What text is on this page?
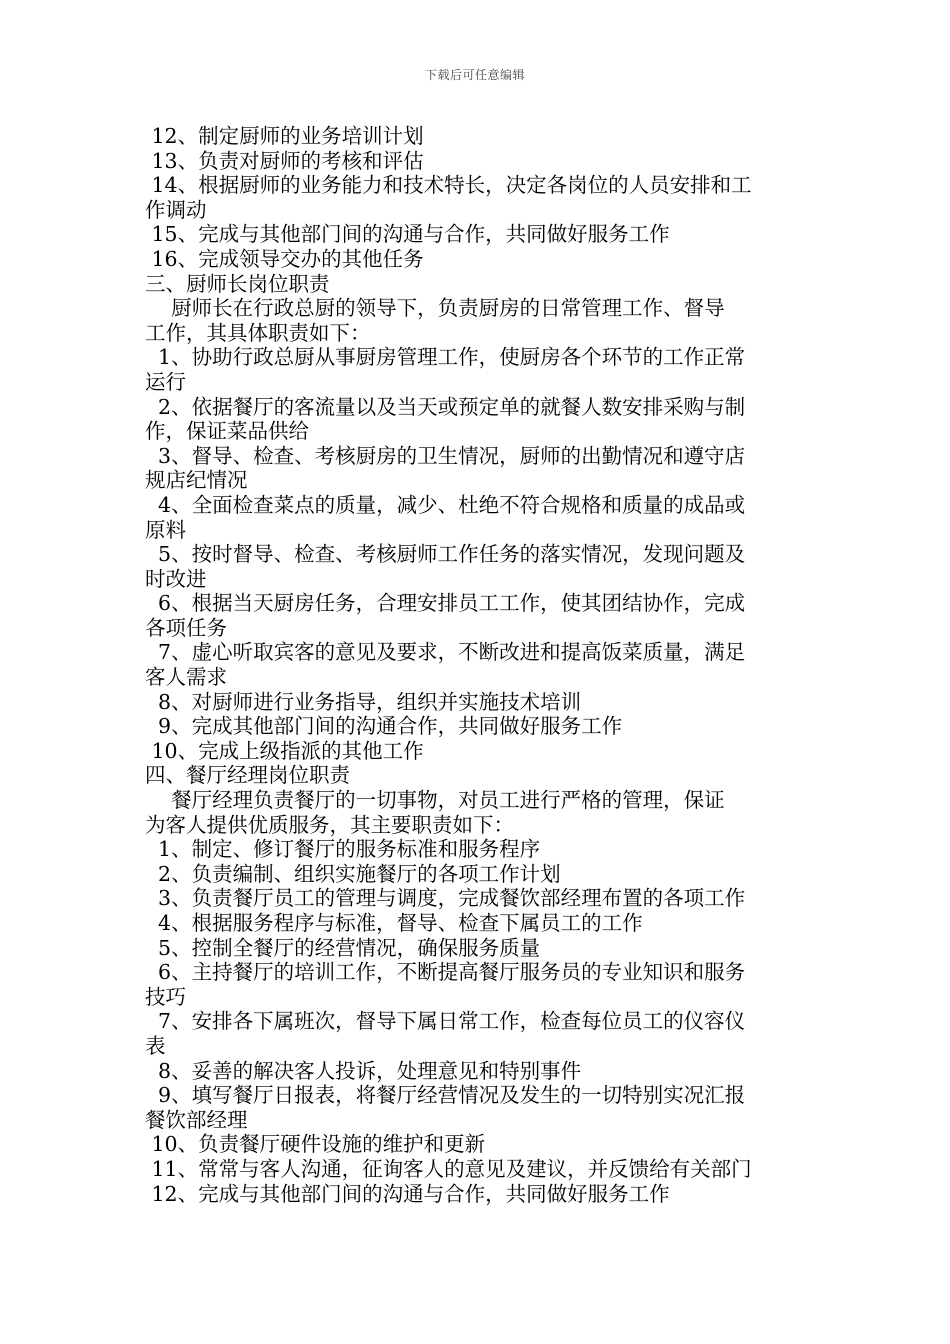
下载后可任意编辑
12、制定厨师的业务培训计划
13、负责对厨师的考核和评估
14、根据厨师的业务能力和技术特长，决定各岗位的人员安排和工
作调动
15、完成与其他部门间的沟通与合作，共同做好服务工作
16、完成领导交办的其他任务
三、厨师长岗位职责
厨师长在行政总厨的领导下，负责厨房的日常管理工作、督导
工作，其具体职责如下：
1、协助行政总厨从事厨房管理工作，使厨房各个环节的工作正常
运行
2、依据餐厅的客流量以及当天或预定单的就餐人数安排采购与制
作，保证菜品供给
3、督导、检查、考核厨房的卫生情况，厨师的出勤情况和遵守店
规店纪情况
4、全面检查菜点的质量，减少、杜绝不符合规格和质量的成品或
原料
5、按时督导、检查、考核厨师工作任务的落实情况，发现问题及
时改进
6、根据当天厨房任务，合理安排员工工作，使其团结协作，完成
各项任务
7、虚心听取宾客的意见及要求，不断改进和提高饭菜质量，满足
客人需求
8、对厨师进行业务指导，组织并实施技术培训
9、完成其他部门间的沟通合作，共同做好服务工作
10、完成上级指派的其他工作
四、餐厅经理岗位职责
餐厅经理负责餐厅的一切事物，对员工进行严格的管理，保证
为客人提供优质服务，其主要职责如下：
1、制定、修订餐厅的服务标准和服务程序
2、负责编制、组织实施餐厅的各项工作计划
3、负责餐厅员工的管理与调度，完成餐饮部经理布置的各项工作
4、根据服务程序与标准，督导、检查下属员工的工作
5、控制全餐厅的经营情况，确保服务质量
6、主持餐厅的培训工作，不断提高餐厅服务员的专业知识和服务
技巧
7、安排各下属班次，督导下属日常工作，检查每位员工的仪容仪
表
8、妥善的解决客人投诉，处理意见和特别事件
9、填写餐厅日报表，将餐厅经营情况及发生的一切特别实况汇报
餐饮部经理
10、负责餐厅硬件设施的维护和更新
11、常常与客人沟通，征询客人的意见及建议，并反馈给有关部门
12、完成与其他部门间的沟通与合作，共同做好服务工作
